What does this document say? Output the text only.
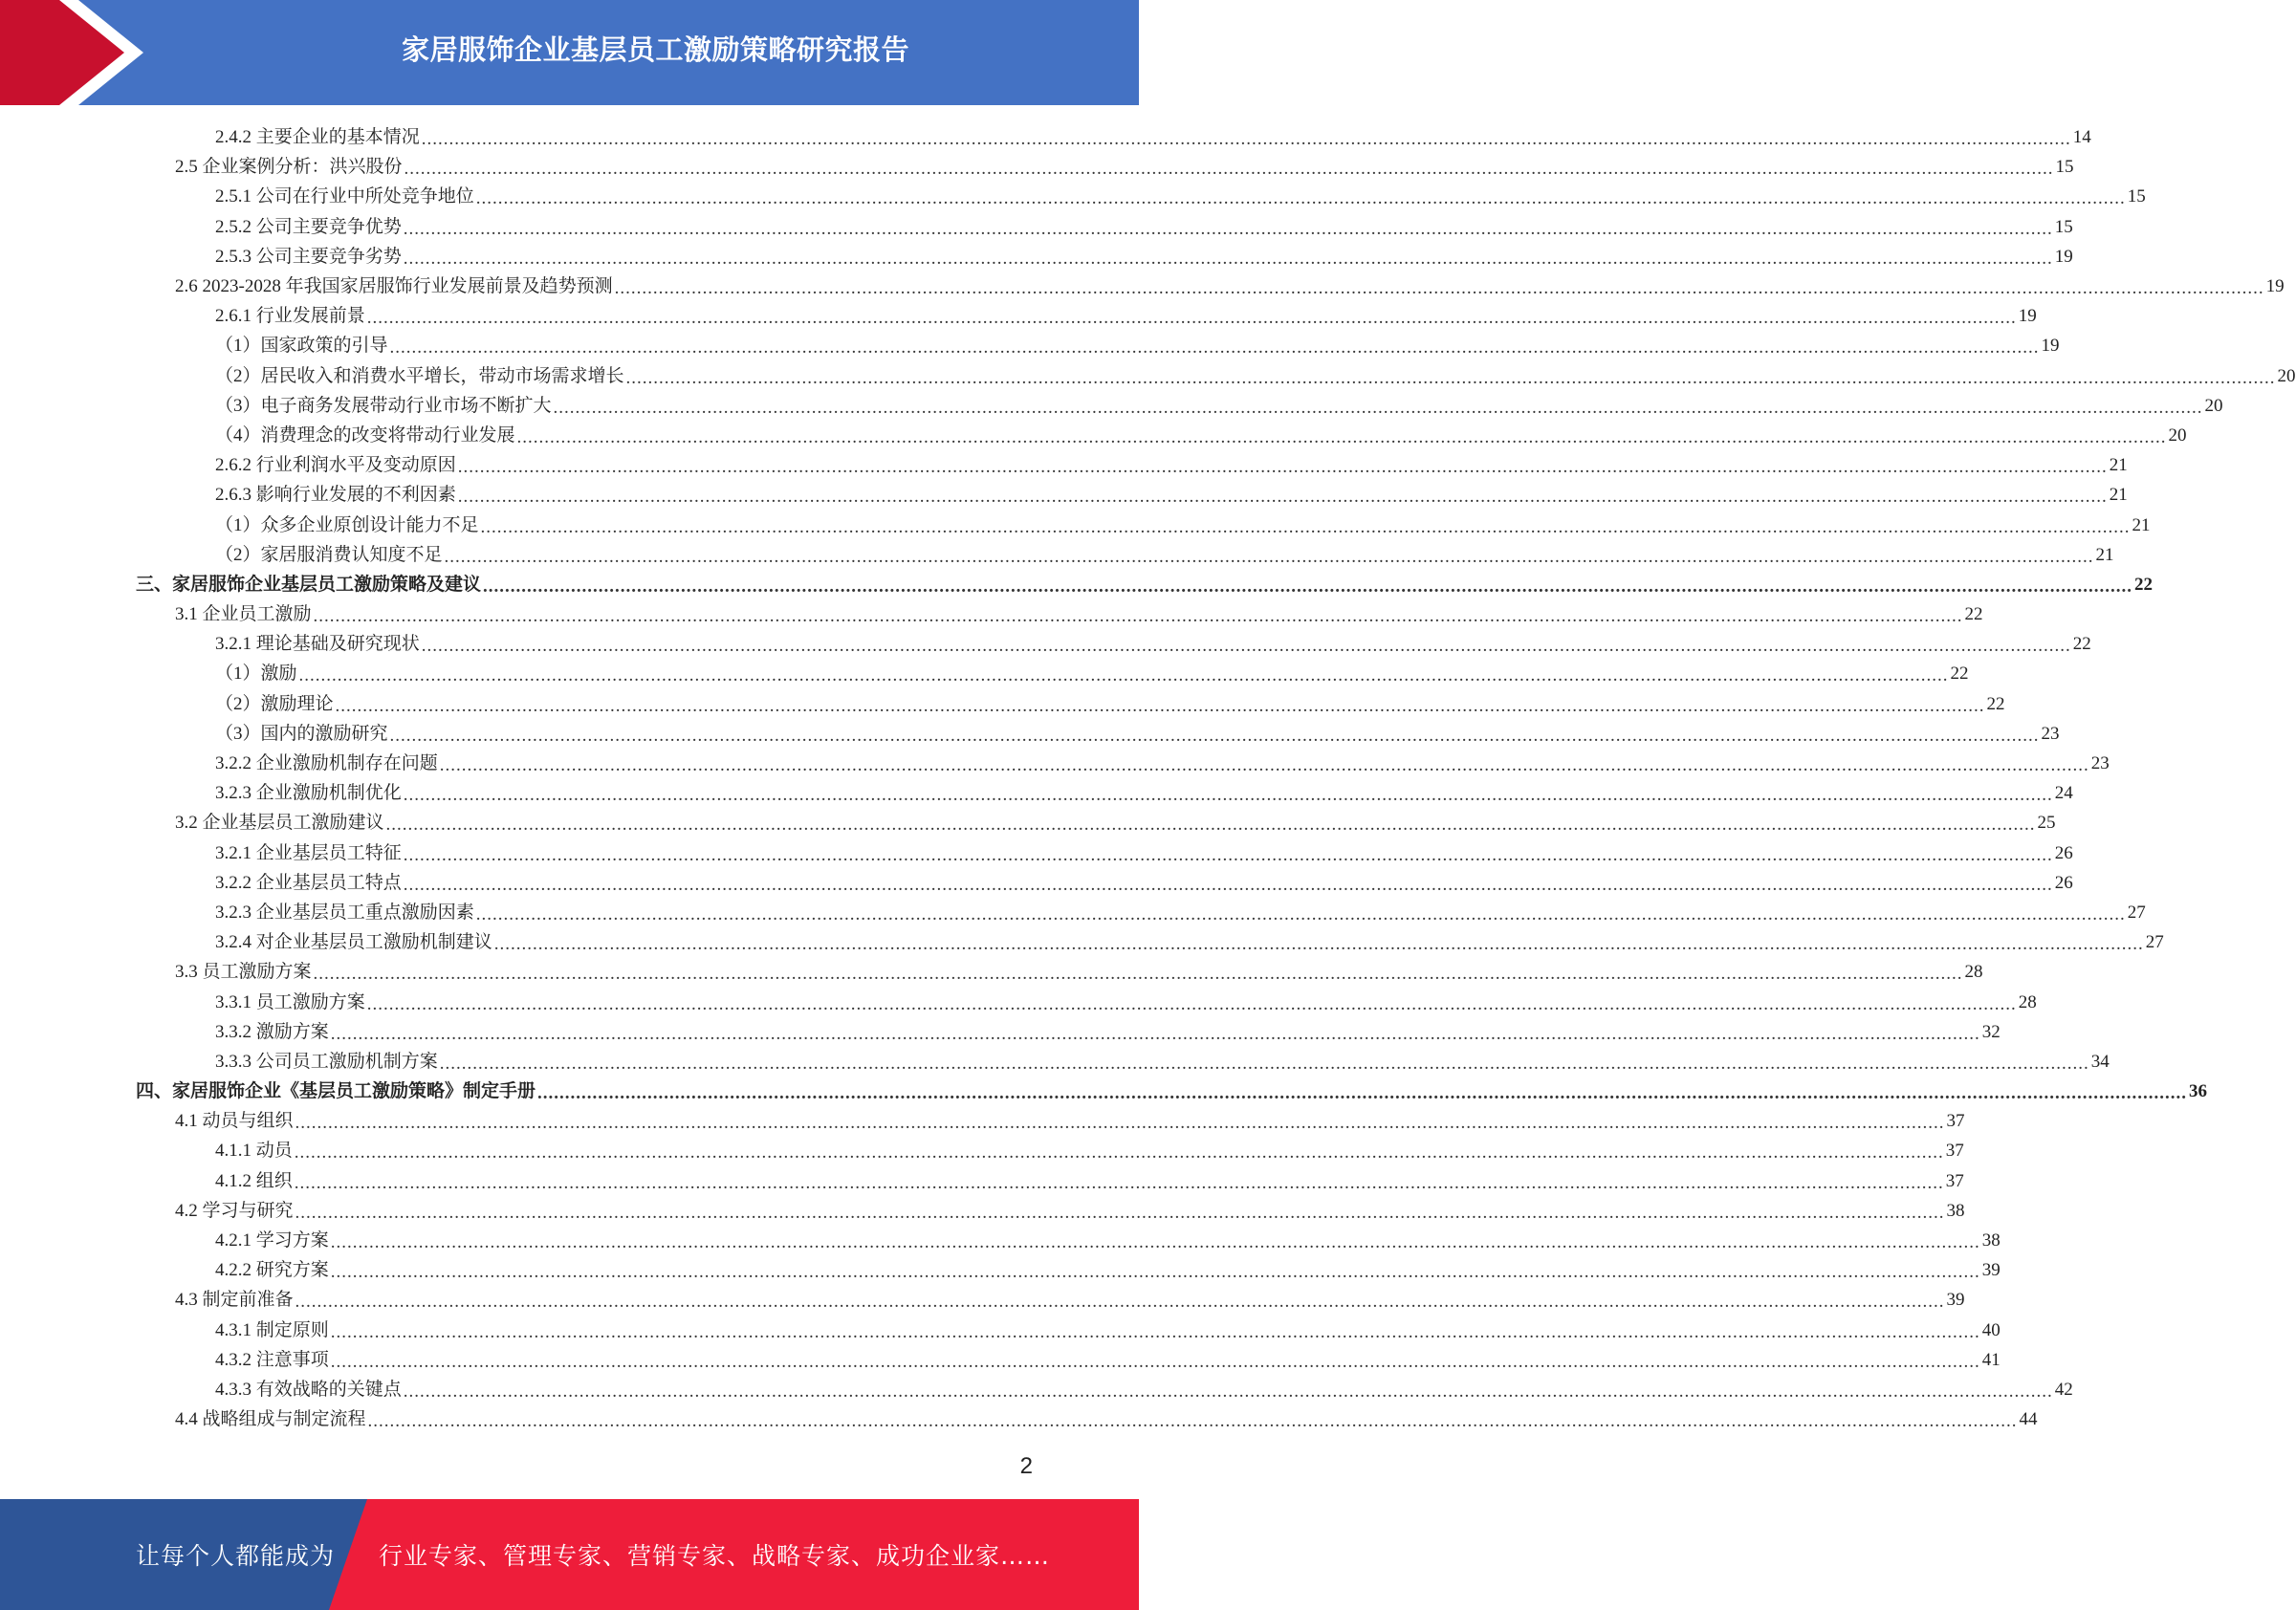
家居服饰企业基层员工激励策略研究报告
2.4.2 主要企业的基本情况 ............................................................................................................................................................................................................................................................................................................ 14
2.5 企业案例分析：洪兴股份 ............................................................................................................................................................................................................................................................................................................ 15
2.5.1 公司在行业中所处竞争地位 ............................................................................................................................................................................................................................................................................................................ 15
2.5.2 公司主要竞争优势 ............................................................................................................................................................................................................................................................................................................ 15
2.5.3 公司主要竞争劣势 ............................................................................................................................................................................................................................................................................................................ 19
2.6 2023-2028 年我国家居服饰行业发展前景及趋势预测 ............................................................................................................................................................................................................................................................................................................ 19
2.6.1 行业发展前景 ............................................................................................................................................................................................................................................................................................................ 19
（1）国家政策的引导 ............................................................................................................................................................................................................................................................................................................ 19
（2）居民收入和消费水平增长，带动市场需求增长 ............................................................................................................................................................................................................................................................................................................ 20
（3）电子商务发展带动行业市场不断扩大 ............................................................................................................................................................................................................................................................................................................ 20
（4）消费理念的改变将带动行业发展 ............................................................................................................................................................................................................................................................................................................ 20
2.6.2 行业利润水平及变动原因 ............................................................................................................................................................................................................................................................................................................ 21
2.6.3 影响行业发展的不利因素 ............................................................................................................................................................................................................................................................................................................ 21
（1）众多企业原创设计能力不足 ............................................................................................................................................................................................................................................................................................................ 21
（2）家居服消费认知度不足 ............................................................................................................................................................................................................................................................................................................ 21
三、家居服饰企业基层员工激励策略及建议 ............................................................................................................................................................................................................................................................................................................ 22
3.1 企业员工激励 ............................................................................................................................................................................................................................................................................................................ 22
3.2.1 理论基础及研究现状 ............................................................................................................................................................................................................................................................................................................ 22
（1）激励 ............................................................................................................................................................................................................................................................................................................ 22
（2）激励理论 ............................................................................................................................................................................................................................................................................................................ 22
（3）国内的激励研究 ............................................................................................................................................................................................................................................................................................................ 23
3.2.2 企业激励机制存在问题 ............................................................................................................................................................................................................................................................................................................ 23
3.2.3 企业激励机制优化 ............................................................................................................................................................................................................................................................................................................ 24
3.2 企业基层员工激励建议 ............................................................................................................................................................................................................................................................................................................ 25
3.2.1 企业基层员工特征 ............................................................................................................................................................................................................................................................................................................ 26
3.2.2 企业基层员工特点 ............................................................................................................................................................................................................................................................................................................ 26
3.2.3 企业基层员工重点激励因素 ............................................................................................................................................................................................................................................................................................................ 27
3.2.4 对企业基层员工激励机制建议 ............................................................................................................................................................................................................................................................................................................ 27
3.3 员工激励方案 ............................................................................................................................................................................................................................................................................................................ 28
3.3.1 员工激励方案 ............................................................................................................................................................................................................................................................................................................ 28
3.3.2 激励方案 ............................................................................................................................................................................................................................................................................................................ 32
3.3.3 公司员工激励机制方案 ............................................................................................................................................................................................................................................................................................................ 34
四、家居服饰企业《基层员工激励策略》制定手册 ............................................................................................................................................................................................................................................................................................................ 36
4.1 动员与组织 ............................................................................................................................................................................................................................................................................................................ 37
4.1.1 动员 ............................................................................................................................................................................................................................................................................................................ 37
4.1.2 组织 ............................................................................................................................................................................................................................................................................................................ 37
4.2 学习与研究 ............................................................................................................................................................................................................................................................................................................ 38
4.2.1 学习方案 ............................................................................................................................................................................................................................................................................................................ 38
4.2.2 研究方案 ............................................................................................................................................................................................................................................................................................................ 39
4.3 制定前准备 ............................................................................................................................................................................................................................................................................................................ 39
4.3.1 制定原则 ............................................................................................................................................................................................................................................................................................................ 40
4.3.2 注意事项 ............................................................................................................................................................................................................................................................................................................ 41
4.3.3 有效战略的关键点 ............................................................................................................................................................................................................................................................................................................ 42
4.4 战略组成与制定流程 ............................................................................................................................................................................................................................................................................................................ 44
2
让每个人都能成为 行业专家、管理专家、营销专家、战略专家、成功企业家……
